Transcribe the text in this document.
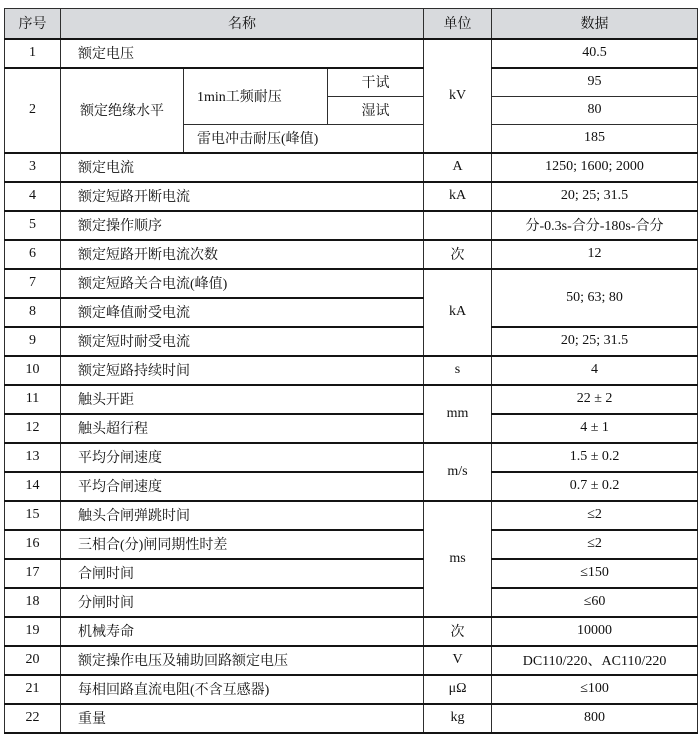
序号	名称			单位	数据
1	额定电压			kV	40.5
2	额定绝缘水平	1min工频耐压	干试		95
			湿试		80
		雷电冲击耐压(峰值)			185
3	额定电流			A	1250; 1600; 2000
4	额定短路开断电流			kA	20; 25; 31.5
5	额定操作顺序				分-0.3s-合分-180s-合分
6	额定短路开断电流次数			次	12
7	额定短路关合电流(峰值)			kA	50; 63; 80
8	额定峰值耐受电流				
9	额定短时耐受电流				20; 25; 31.5
10	额定短路持续时间			s	4
11	触头开距			mm	22 ± 2
12	触头超行程				4 ± 1
13	平均分闸速度			m/s	1.5 ± 0.2
14	平均合闸速度				0.7 ± 0.2
15	触头合闸弹跳时间			ms	≤2
16	三相合(分)闸同期性时差				≤2
17	合闸时间				≤150
18	分闸时间				≤60
19	机械寿命			次	10000
20	额定操作电压及辅助回路额定电压			V	DC110/220、AC110/220
21	每相回路直流电阻(不含互感器)			μΩ	≤100
22	重量			kg	800
